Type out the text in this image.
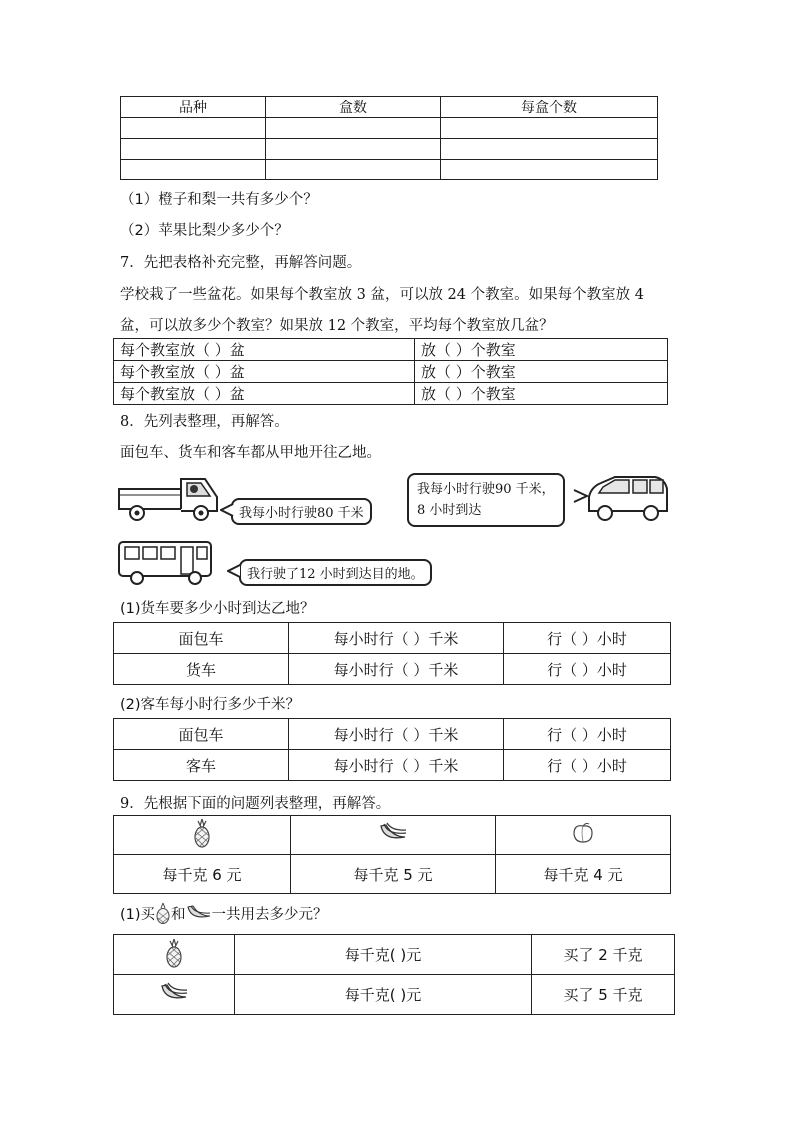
品种	盒数	每盒个数

（1）橙子和梨一共有多少个？
（2）苹果比梨少多少个？
7．先把表格补充完整，再解答问题。
学校栽了一些盆花。如果每个教室放 3 盆，可以放 24 个教室。如果每个教室放 4
盆，可以放多少个教室？如果放 12 个教室，平均每个教室放几盆？
每个教室放（ ）盆	放（ ）个教室
每个教室放（ ）盆	放（ ）个教室
每个教室放（ ）盆	放（ ）个教室
8．先列表整理，再解答。
面包车、货车和客车都从甲地开往乙地。
我每小时行驶80 千米
我每小时行驶90 千米，
8 小时到达
我行驶了12 小时到达目的地。
(1)货车要多少小时到达乙地？
面包车	每小时行（ ）千米	行（ ）小时
货车	每小时行（ ）千米	行（ ）小时
(2)客车每小时行多少千米？
面包车	每小时行（ ）千米	行（ ）小时
客车	每小时行（ ）千米	行（ ）小时
9．先根据下面的问题列表整理，再解答。

每千克 6 元	每千克 5 元	每千克 4 元
(1)买 和 一共用去多少元？
	每千克( )元	买了 2 千克
	每千克( )元	买了 5 千克
